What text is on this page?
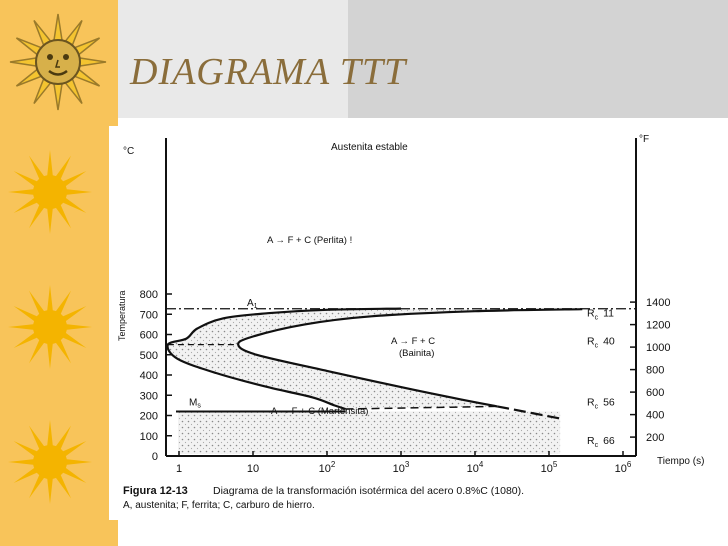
DIAGRAMA TTT
0
100
200
300
400
500
600
700
800
200
400
600
800
1000
1200
1400
1	10	$10^2$	$10^3$	$10^4$	$10^5$	$10^6$
Austenita estable
°C
°F
Temperatura
Tiempo (s)
$A_1$
$M_s$
A → F + C (Perlita) !
A → F + C
(Bainita)
A → F + C (Martensita)
$R_c$ 11
$R_c$ 40
$R_c$ 56
$R_c$ 66
Figura 12-13 Diagrama de la transformación isotérmica del acero 0.8%C (1080).
A, austenita; F, ferrita; C, carburo de hierro.
